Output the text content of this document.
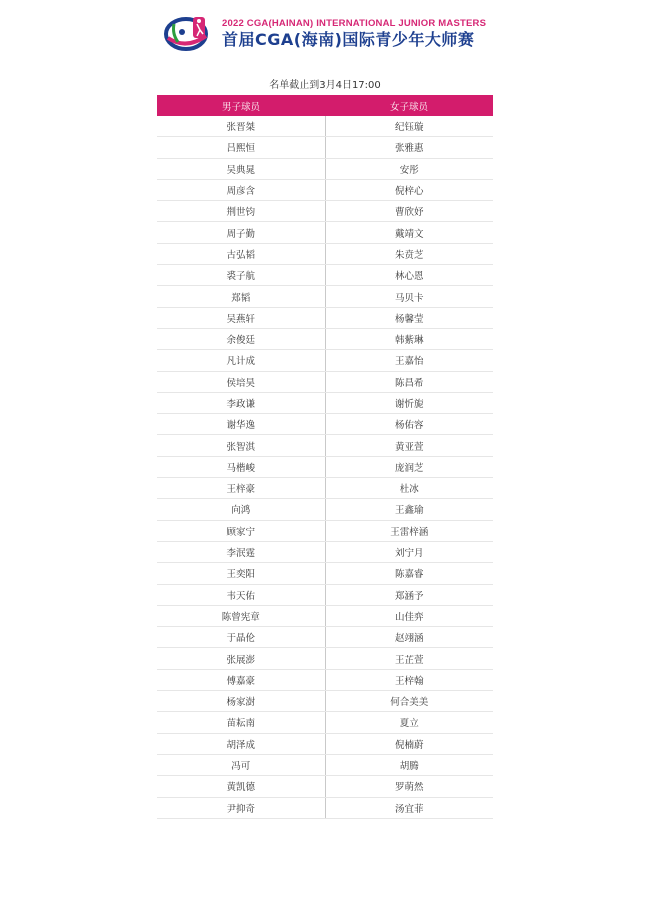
2022 CGA(HAINAN) INTERNATIONAL JUNIOR MASTERS
首届CGA(海南)国际青少年大师赛
名单截止到3月4日17:00
男子球员	女子球员
张晋桀	纪钰璇
吕熙恒	张雅惠
吴典晁	安彤
周彦含	倪梓心
荆世钧	曹欣妤
周子勤	戴靖文
古弘韬	朱贲芝
裘子航	林心恩
郑韬	马贝卡
吴燕轩	杨馨莹
余俊廷	韩紫琳
凡计成	王嘉怡
侯培昊	陈昌希
李政谦	谢忻旎
谢华逸	杨佑容
张智淇	黄亚萱
马楷峻	庞润芝
王梓豪	杜冰
向鸿	王鑫瑜
顾家宁	王雷梓涵
李泯霆	刘宁月
王奕阳	陈嘉睿
韦天佑	郑涵予
陈曾宪章	山佳弈
于晶伦	赵翊涵
张展澎	王芷萱
傅嘉豪	王梓翰
杨家澍	何合美美
苗耘南	夏立
胡泽成	倪楠蔚
冯可	胡腾
黄凯德	罗萌然
尹抑奇	汤宜菲
